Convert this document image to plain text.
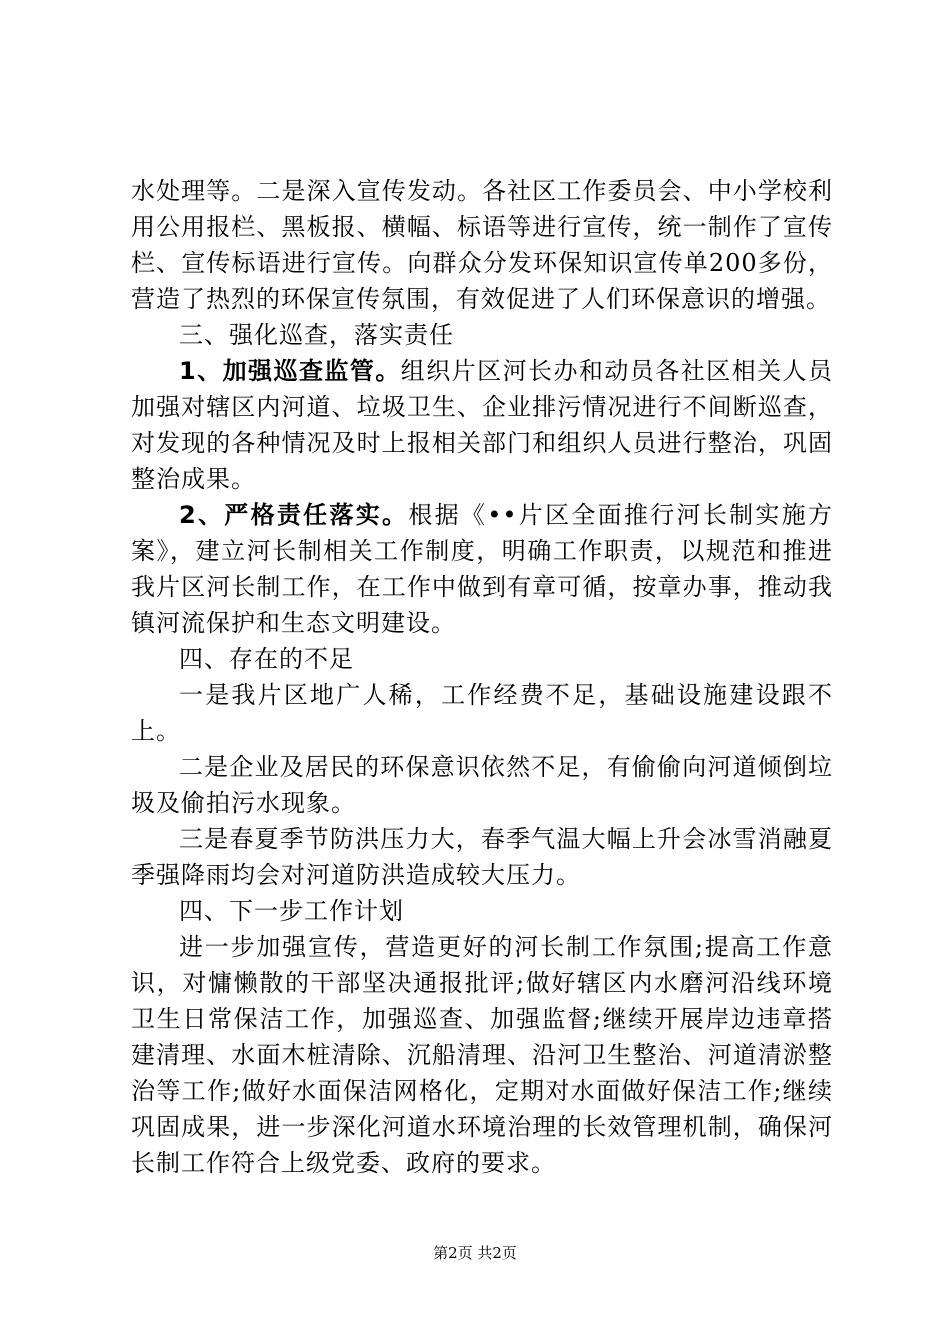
水处理等。二是深入宣传发动。各社区工作委员会、中小学校利用公用报栏、黑板报、横幅、标语等进行宣传，统一制作了宣传栏、宣传标语进行宣传。向群众分发环保知识宣传单200多份，营造了热烈的环保宣传氛围，有效促进了人们环保意识的增强。

三、强化巡查，落实责任

1、加强巡查监管。组织片区河长办和动员各社区相关人员加强对辖区内河道、垃圾卫生、企业排污情况进行不间断巡查，对发现的各种情况及时上报相关部门和组织人员进行整治，巩固整治成果。

2、严格责任落实。根据《••片区全面推行河长制实施方案》，建立河长制相关工作制度，明确工作职责，以规范和推进我片区河长制工作，在工作中做到有章可循，按章办事，推动我镇河流保护和生态文明建设。

四、存在的不足

一是我片区地广人稀，工作经费不足，基础设施建设跟不上。

二是企业及居民的环保意识依然不足，有偷偷向河道倾倒垃圾及偷拍污水现象。

三是春夏季节防洪压力大，春季气温大幅上升会冰雪消融夏季强降雨均会对河道防洪造成较大压力。

四、下一步工作计划

进一步加强宣传，营造更好的河长制工作氛围;提高工作意识，对慵懒散的干部坚决通报批评;做好辖区内水磨河沿线环境卫生日常保洁工作，加强巡查、加强监督;继续开展岸边违章搭建清理、水面木桩清除、沉船清理、沿河卫生整治、河道清淤整治等工作;做好水面保洁网格化，定期对水面做好保洁工作;继续巩固成果，进一步深化河道水环境治理的长效管理机制，确保河长制工作符合上级党委、政府的要求。

第2页 共2页
